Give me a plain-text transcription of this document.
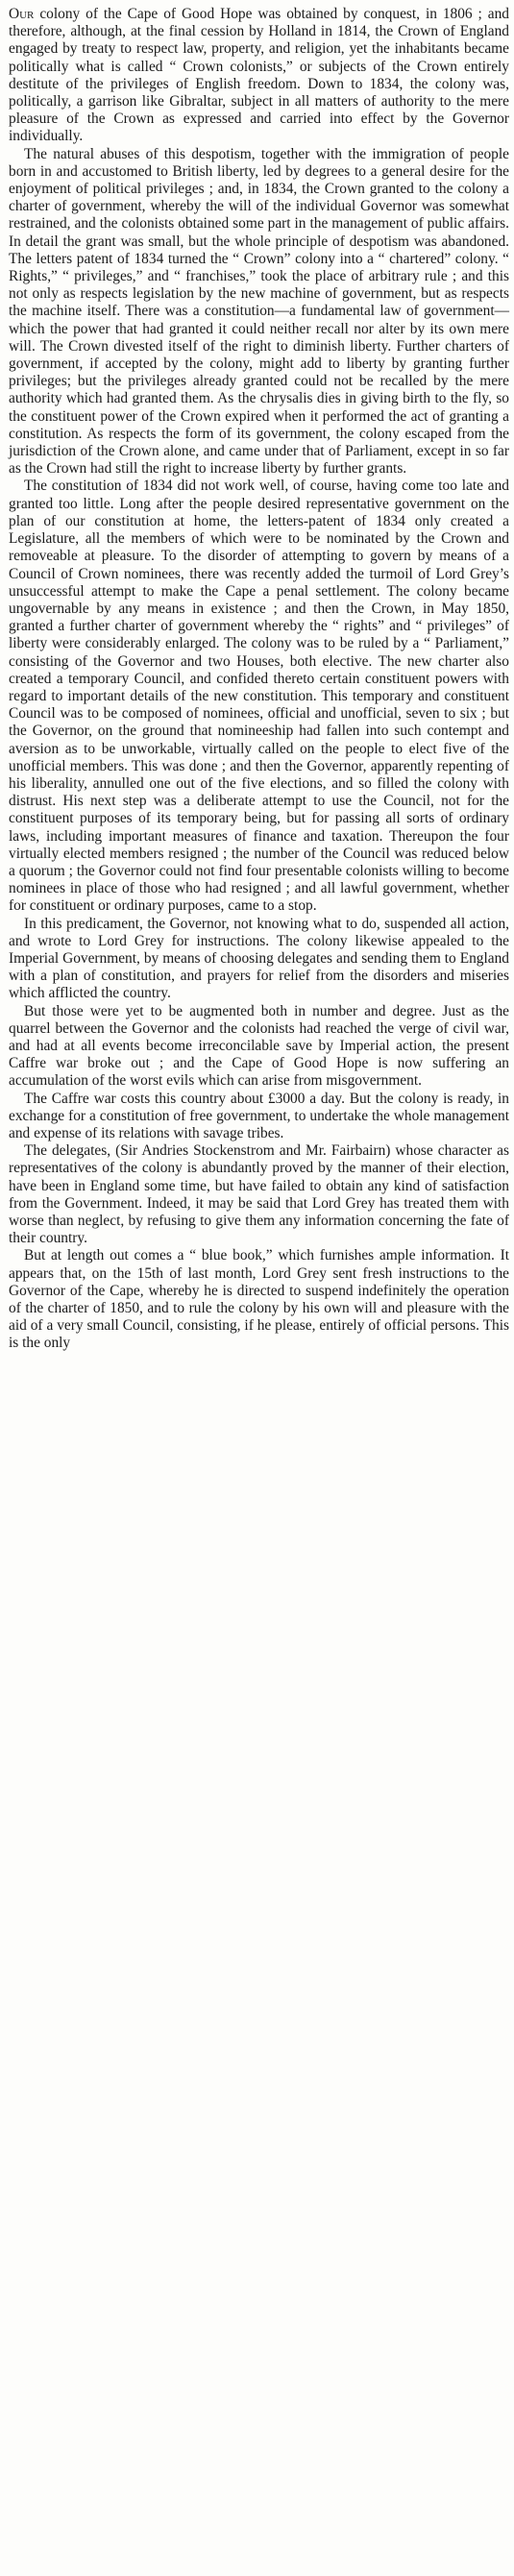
Our colony of the Cape of Good Hope was obtained by conquest, in 1806 ; and therefore, although, at the final cession by Holland in 1814, the Crown of England engaged by treaty to respect law, property, and religion, yet the inhabitants became politically what is called “ Crown colonists,” or subjects of the Crown entirely destitute of the privileges of English freedom. Down to 1834, the colony was, politically, a garrison like Gibraltar, subject in all matters of authority to the mere pleasure of the Crown as expressed and carried into effect by the Governor individually.

The natural abuses of this despotism, together with the immigration of people born in and accustomed to British liberty, led by degrees to a general desire for the enjoyment of political privileges ; and, in 1834, the Crown granted to the colony a charter of government, whereby the will of the individual Governor was somewhat restrained, and the colonists obtained some part in the management of public affairs. In detail the grant was small, but the whole principle of despotism was abandoned. The letters patent of 1834 turned the “ Crown” colony into a “ chartered” colony. “ Rights,” “ privileges,” and “ franchises,” took the place of arbitrary rule ; and this not only as respects legislation by the new machine of government, but as respects the machine itself. There was a constitution—a fundamental law of government—which the power that had granted it could neither recall nor alter by its own mere will. The Crown divested itself of the right to diminish liberty. Further charters of government, if accepted by the colony, might add to liberty by granting further privileges; but the privileges already granted could not be recalled by the mere authority which had granted them. As the chrysalis dies in giving birth to the fly, so the constituent power of the Crown expired when it performed the act of granting a constitution. As respects the form of its government, the colony escaped from the jurisdiction of the Crown alone, and came under that of Parliament, except in so far as the Crown had still the right to increase liberty by further grants.

The constitution of 1834 did not work well, of course, having come too late and granted too little. Long after the people desired representative government on the plan of our constitution at home, the letters-patent of 1834 only created a Legislature, all the members of which were to be nominated by the Crown and removeable at pleasure. To the disorder of attempting to govern by means of a Council of Crown nominees, there was recently added the turmoil of Lord Grey’s unsuccessful attempt to make the Cape a penal settlement. The colony became ungovernable by any means in existence ; and then the Crown, in May 1850, granted a further charter of government whereby the “ rights” and “ privileges” of liberty were considerably enlarged. The colony was to be ruled by a “ Parliament,” consisting of the Governor and two Houses, both elective. The new charter also created a temporary Council, and confided thereto certain constituent powers with regard to important details of the new constitution. This temporary and constituent Council was to be composed of nominees, official and unofficial, seven to six ; but the Governor, on the ground that nomineeship had fallen into such contempt and aversion as to be unworkable, virtually called on the people to elect five of the unofficial members. This was done ; and then the Governor, apparently repenting of his liberality, annulled one out of the five elections, and so filled the colony with distrust. His next step was a deliberate attempt to use the Council, not for the constituent purposes of its temporary being, but for passing all sorts of ordinary laws, including important measures of finance and taxation. Thereupon the four virtually elected members resigned ; the number of the Council was reduced below a quorum ; the Governor could not find four presentable colonists willing to become nominees in place of those who had resigned ; and all lawful government, whether for constituent or ordinary purposes, came to a stop.

In this predicament, the Governor, not knowing what to do, suspended all action, and wrote to Lord Grey for instructions. The colony likewise appealed to the Imperial Government, by means of choosing delegates and sending them to England with a plan of constitution, and prayers for relief from the disorders and miseries which afflicted the country.

But those were yet to be augmented both in number and degree. Just as the quarrel between the Governor and the colonists had reached the verge of civil war, and had at all events become irreconcilable save by Imperial action, the present Caffre war broke out ; and the Cape of Good Hope is now suffering an accumulation of the worst evils which can arise from misgovernment.

The Caffre war costs this country about £3000 a day. But the colony is ready, in exchange for a constitution of free government, to undertake the whole management and expense of its relations with savage tribes.

The delegates, (Sir Andries Stockenstrom and Mr. Fairbairn) whose character as representatives of the colony is abundantly proved by the manner of their election, have been in England some time, but have failed to obtain any kind of satisfaction from the Government. Indeed, it may be said that Lord Grey has treated them with worse than neglect, by refusing to give them any information concerning the fate of their country.

But at length out comes a “ blue book,” which furnishes ample information. It appears that, on the 15th of last month, Lord Grey sent fresh instructions to the Governor of the Cape, whereby he is directed to suspend indefinitely the operation of the charter of 1850, and to rule the colony by his own will and pleasure with the aid of a very small Council, consisting, if he please, entirely of official persons. This is the only
